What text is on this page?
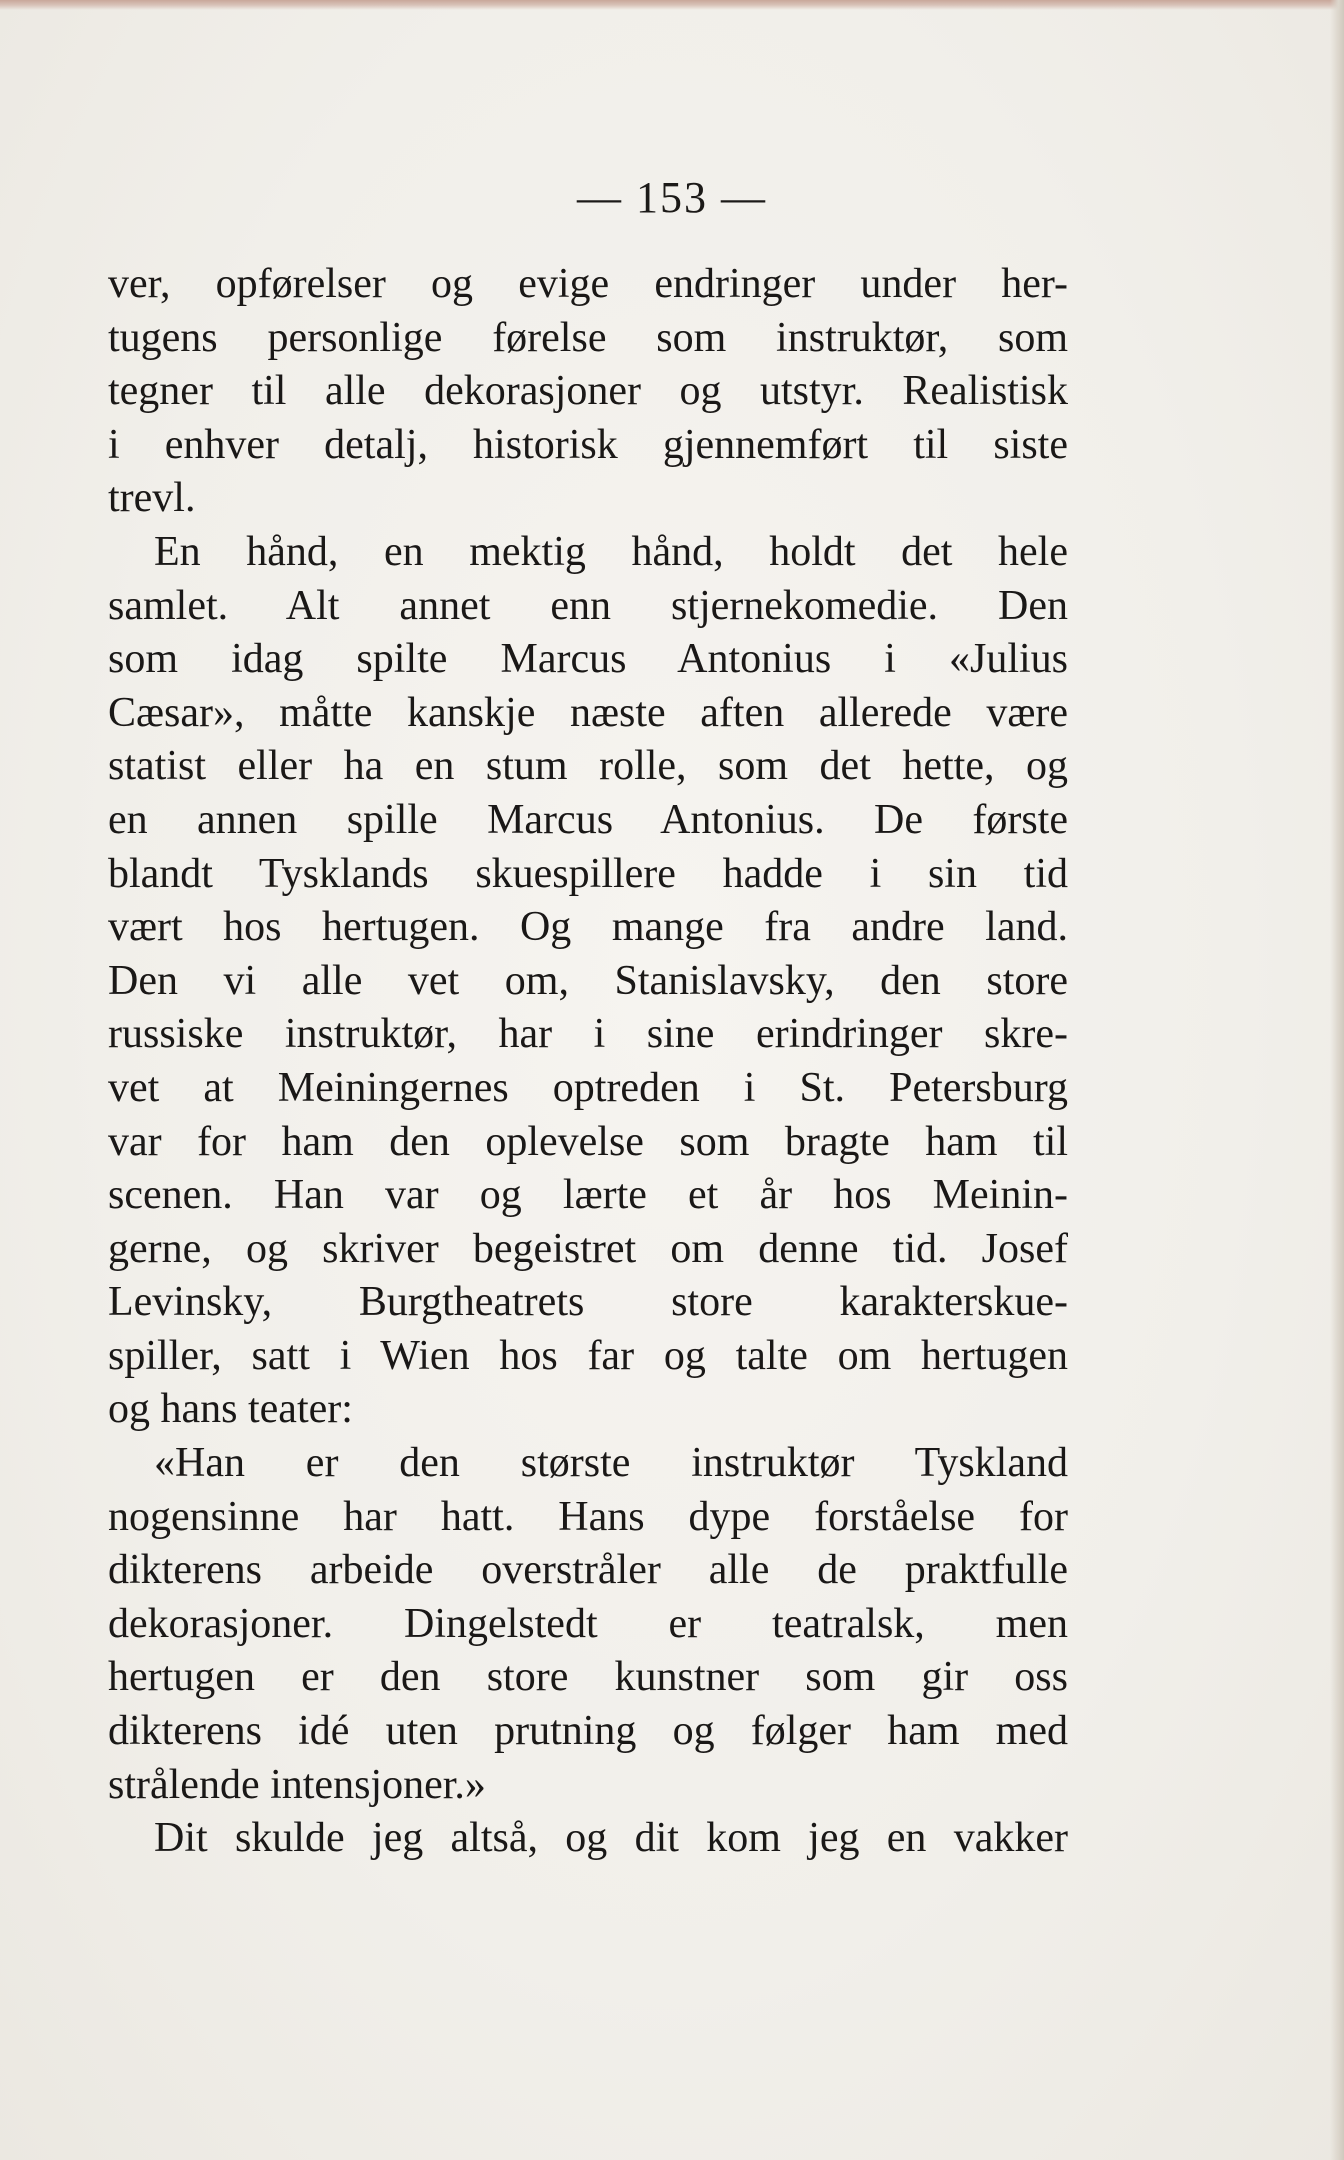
— 153 —
ver, opførelser og evige endringer under her-
tugens personlige førelse som instruktør, som
tegner til alle dekorasjoner og utstyr. Realistisk
i enhver detalj, historisk gjennemført til siste
trevl.
En hånd, en mektig hånd, holdt det hele
samlet. Alt annet enn stjernekomedie. Den
som idag spilte Marcus Antonius i «Julius
Cæsar», måtte kanskje næste aften allerede være
statist eller ha en stum rolle, som det hette, og
en annen spille Marcus Antonius. De første
blandt Tysklands skuespillere hadde i sin tid
vært hos hertugen. Og mange fra andre land.
Den vi alle vet om, Stanislavsky, den store
russiske instruktør, har i sine erindringer skre-
vet at Meiningernes optreden i St. Petersburg
var for ham den oplevelse som bragte ham til
scenen. Han var og lærte et år hos Meinin-
gerne, og skriver begeistret om denne tid. Josef
Levinsky, Burgtheatrets store karakterskue-
spiller, satt i Wien hos far og talte om hertugen
og hans teater:
«Han er den største instruktør Tyskland
nogensinne har hatt. Hans dype forståelse for
dikterens arbeide overstråler alle de praktfulle
dekorasjoner. Dingelstedt er teatralsk, men
hertugen er den store kunstner som gir oss
dikterens idé uten prutning og følger ham med
strålende intensjoner.»
Dit skulde jeg altså, og dit kom jeg en vakker
